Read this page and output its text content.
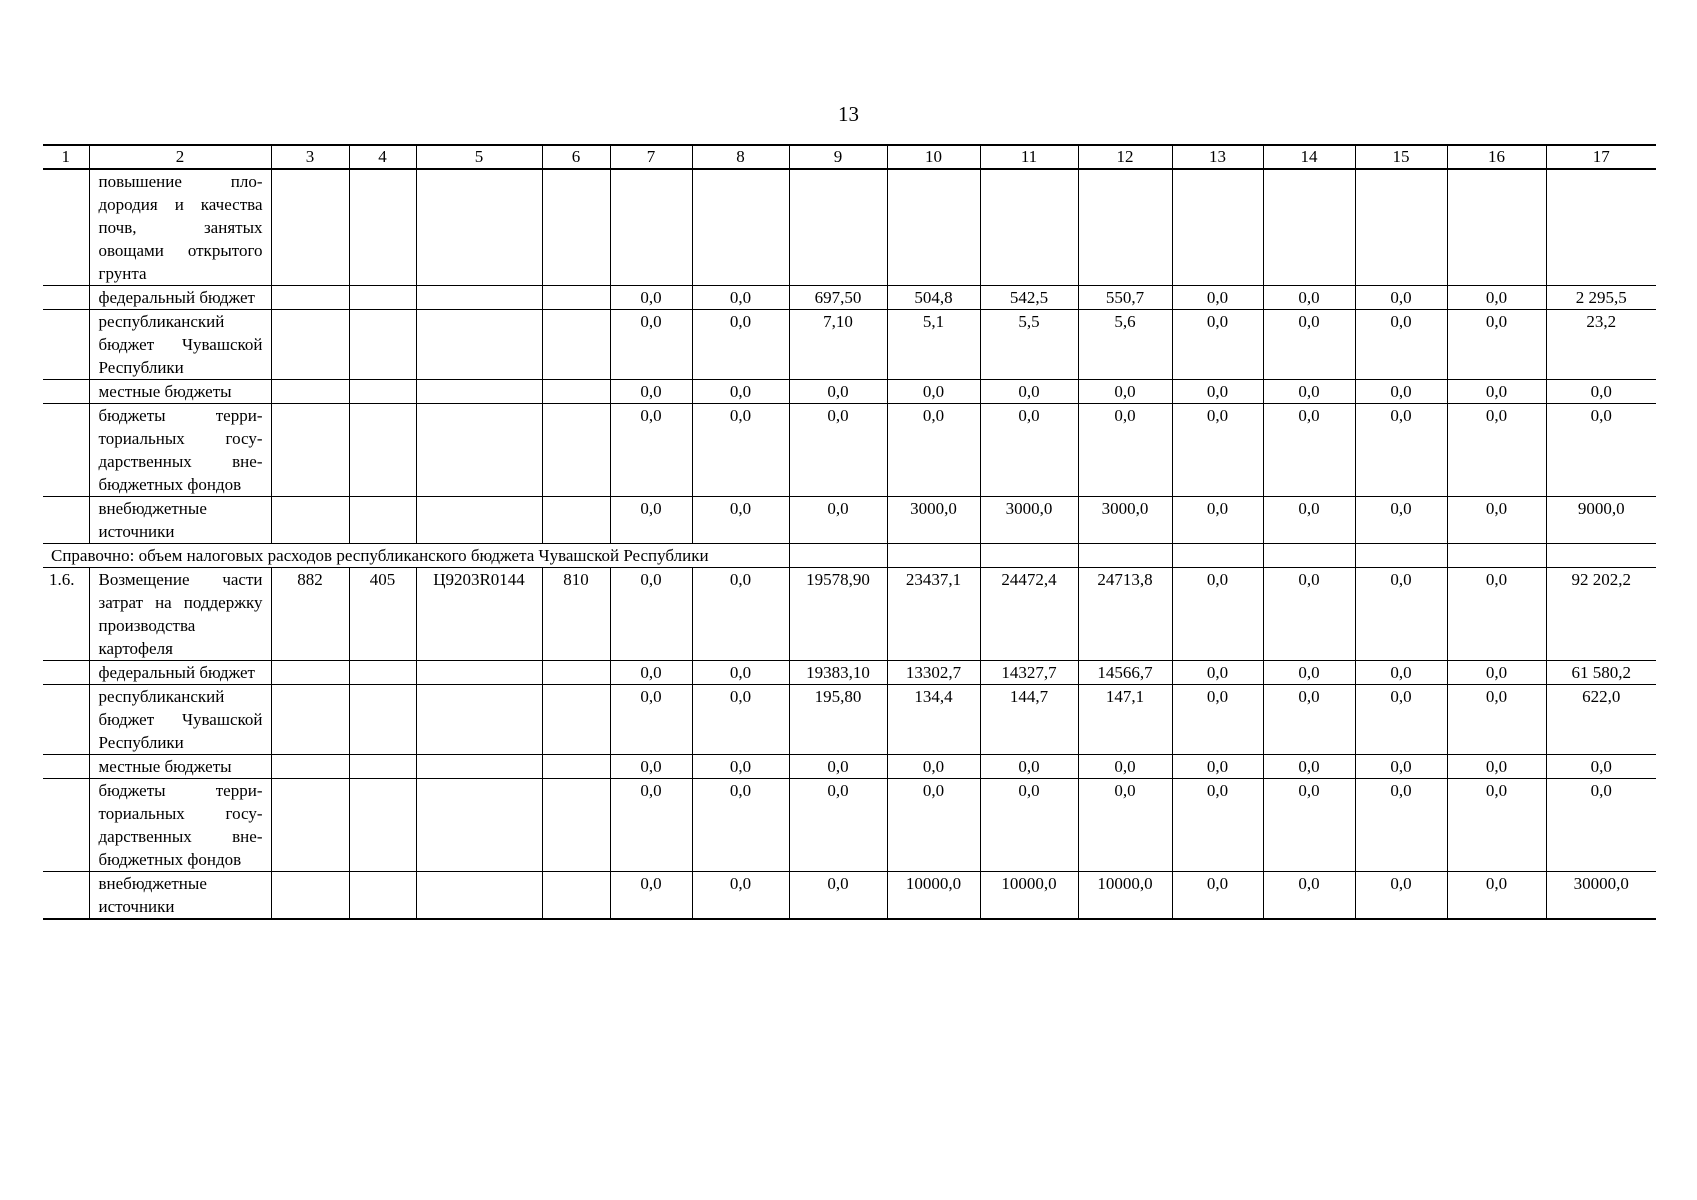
13
1	2	3	4	5	6	7	8	9	10	11	12	13	14	15	16	17
	повышение плодородия и качества почв, занятых овощами открытого грунта															
	федеральный бюджет					0,0	0,0	697,50	504,8	542,5	550,7	0,0	0,0	0,0	0,0	2 295,5
	республиканский бюджет Чувашской Республики					0,0	0,0	7,10	5,1	5,5	5,6	0,0	0,0	0,0	0,0	23,2
	местные бюджеты					0,0	0,0	0,0	0,0	0,0	0,0	0,0	0,0	0,0	0,0	0,0
	бюджеты территориальных государственных внебюджетных фондов					0,0	0,0	0,0	0,0	0,0	0,0	0,0	0,0	0,0	0,0	0,0
	внебюджетные источники					0,0	0,0	0,0	3000,0	3000,0	3000,0	0,0	0,0	0,0	0,0	9000,0
Справочно: объем налоговых расходов республиканского бюджета Чувашской Республики																
1.6.	Возмещение части затрат на поддержку производства картофеля	882	405	Ц9203R0144	810	0,0	0,0	19578,90	23437,1	24472,4	24713,8	0,0	0,0	0,0	0,0	92 202,2
	федеральный бюджет					0,0	0,0	19383,10	13302,7	14327,7	14566,7	0,0	0,0	0,0	0,0	61 580,2
	республиканский бюджет Чувашской Республики					0,0	0,0	195,80	134,4	144,7	147,1	0,0	0,0	0,0	0,0	622,0
	местные бюджеты					0,0	0,0	0,0	0,0	0,0	0,0	0,0	0,0	0,0	0,0	0,0
	бюджеты территориальных государственных внебюджетных фондов					0,0	0,0	0,0	0,0	0,0	0,0	0,0	0,0	0,0	0,0	0,0
	внебюджетные источники					0,0	0,0	0,0	10000,0	10000,0	10000,0	0,0	0,0	0,0	0,0	30000,0
